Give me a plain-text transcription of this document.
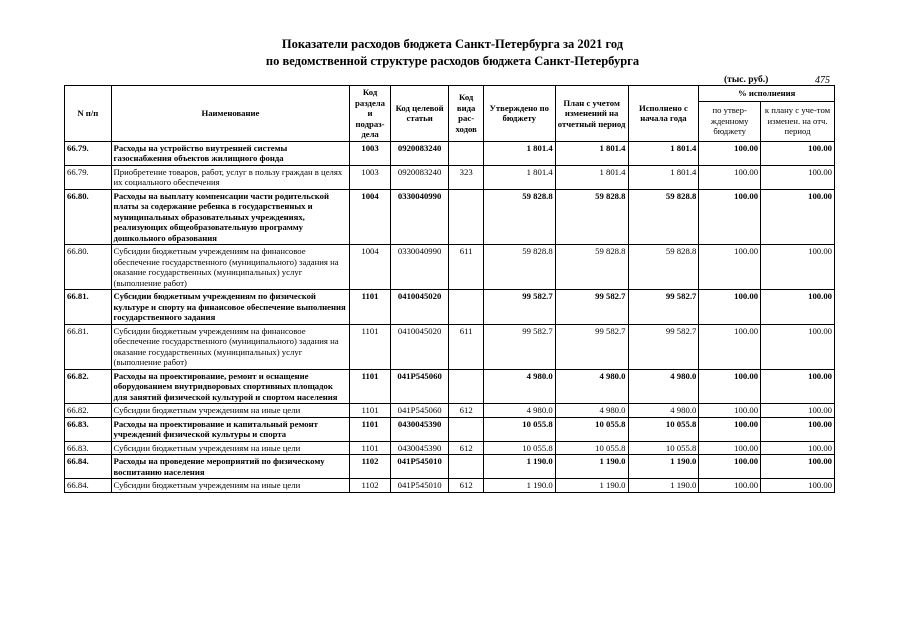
Показатели расходов бюджета Санкт-Петербурга за 2021 год
по ведомственной структуре расходов бюджета Санкт-Петербурга
(тыс. руб.)	475
N п/п	Наименование	Код раздела и подраз-дела	Код целевой статьи	Код вида рас-ходов	Утверждено по бюджету	План с учетом изменений на отчетный период	Исполнено с начала года	% исполнения	
								по утвер-жденному бюджету	к плану с уче-том изменен. на отч. период
66.79.	Расходы на устройство внутренней системы газоснабжения объектов жилищного фонда	1003	0920083240		1 801.4	1 801.4	1 801.4	100.00	100.00
66.79.	Приобретение товаров, работ, услуг в пользу граждан в целях их социального обеспечения	1003	0920083240	323	1 801.4	1 801.4	1 801.4	100.00	100.00
66.80.	Расходы на выплату компенсации части родительской платы за содержание ребенка в государственных и муниципальных образовательных учреждениях, реализующих общеобразовательную программу дошкольного образования	1004	0330040990		59 828.8	59 828.8	59 828.8	100.00	100.00
66.80.	Субсидии бюджетным учреждениям на финансовое обеспечение государственного (муниципального) задания на оказание государственных (муниципальных) услуг (выполнение работ)	1004	0330040990	611	59 828.8	59 828.8	59 828.8	100.00	100.00
66.81.	Субсидии бюджетным учреждениям по физической культуре и спорту на финансовое обеспечение выполнения государственного задания	1101	0410045020		99 582.7	99 582.7	99 582.7	100.00	100.00
66.81.	Субсидии бюджетным учреждениям на финансовое обеспечение государственного (муниципального) задания на оказание государственных (муниципальных) услуг (выполнение работ)	1101	0410045020	611	99 582.7	99 582.7	99 582.7	100.00	100.00
66.82.	Расходы на проектирование, ремонт и оснащение оборудованием внутридворовых спортивных площадок для занятий физической культурой и спортом населения	1101	041P545060		4 980.0	4 980.0	4 980.0	100.00	100.00
66.82.	Субсидии бюджетным учреждениям на иные цели	1101	041P545060	612	4 980.0	4 980.0	4 980.0	100.00	100.00
66.83.	Расходы на проектирование и капитальный ремонт учреждений физической культуры и спорта	1101	0430045390		10 055.8	10 055.8	10 055.8	100.00	100.00
66.83.	Субсидии бюджетным учреждениям на иные цели	1101	0430045390	612	10 055.8	10 055.8	10 055.8	100.00	100.00
66.84.	Расходы на проведение мероприятий по физическому воспитанию населения	1102	041P545010		1 190.0	1 190.0	1 190.0	100.00	100.00
66.84.	Субсидии бюджетным учреждениям на иные цели	1102	041P545010	612	1 190.0	1 190.0	1 190.0	100.00	100.00
